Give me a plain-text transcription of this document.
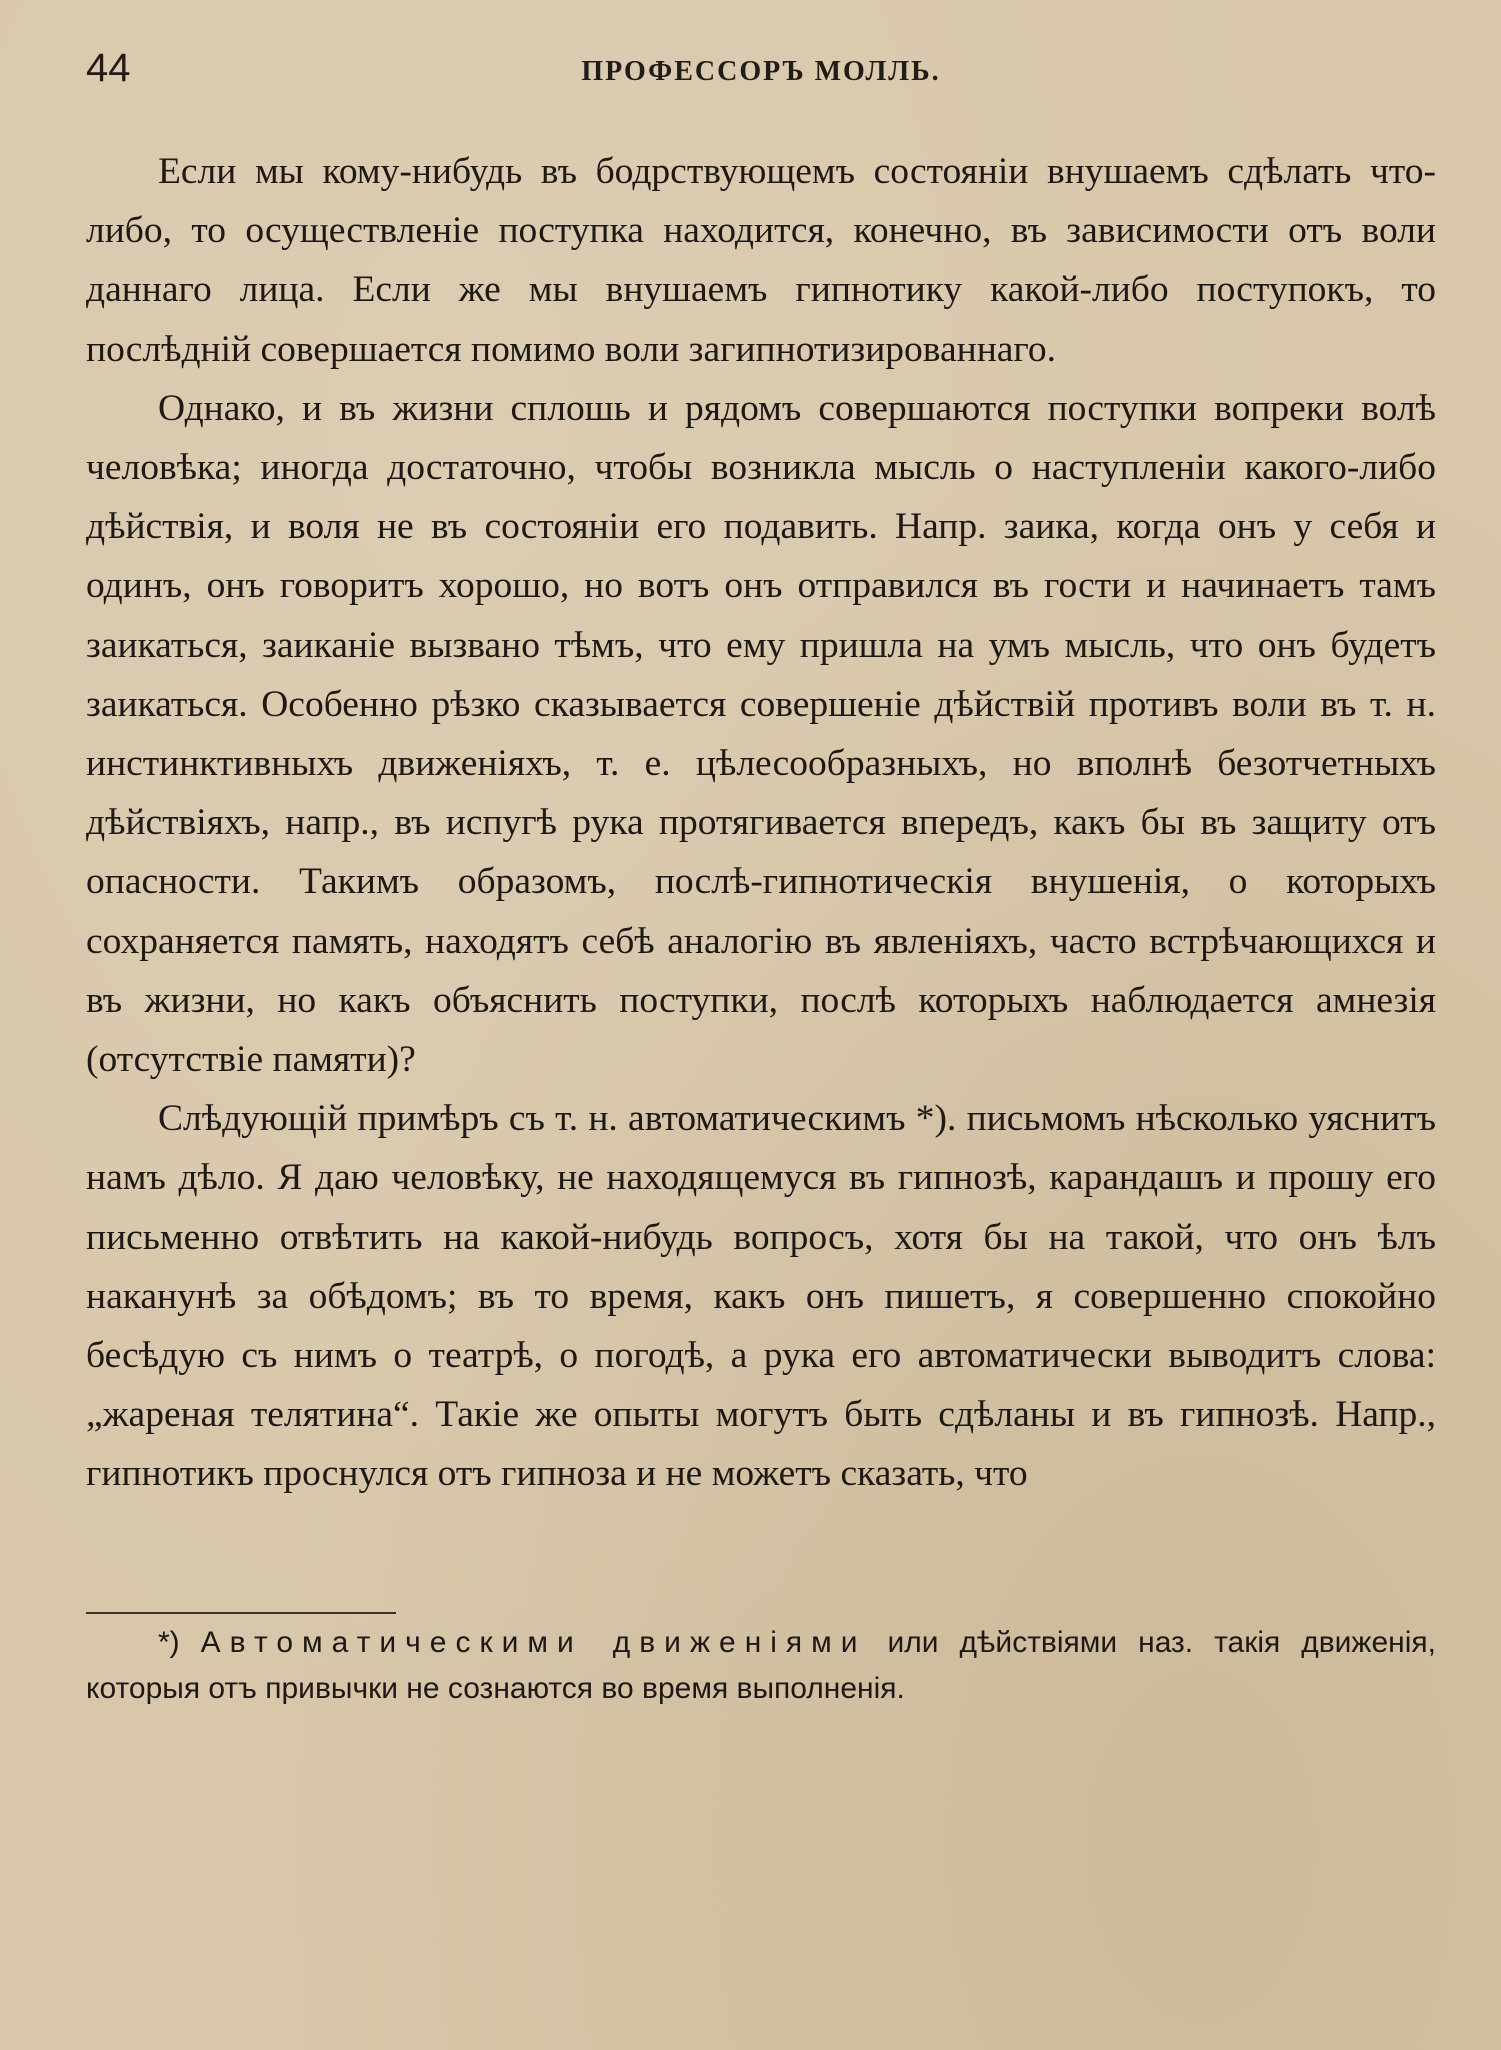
44	ПРОФЕССОРЪ МОЛЛЬ.

Если мы кому-нибудь въ бодрствующемъ состояніи внушаемъ сдѣлать что-либо, то осуществленіе поступка находится, конечно, въ зависимости отъ воли даннаго лица. Если же мы внушаемъ гипнотику какой-либо поступокъ, то послѣдній совершается помимо воли загипнотизированнаго.

Однако, и въ жизни сплошь и рядомъ совершаются поступки вопреки волѣ человѣка; иногда достаточно, чтобы возникла мысль о наступленіи какого-либо дѣйствія, и воля не въ состояніи его подавить. Напр. заика, когда онъ у себя и одинъ, онъ говоритъ хорошо, но вотъ онъ отправился въ гости и начинаетъ тамъ заикаться, заиканіе вызвано тѣмъ, что ему пришла на умъ мысль, что онъ будетъ заикаться. Особенно рѣзко сказывается совершеніе дѣйствій противъ воли въ т. н. инстинктивныхъ движеніяхъ, т. е. цѣлесообразныхъ, но вполнѣ безотчетныхъ дѣйствіяхъ, напр., въ испугѣ рука протягивается впередъ, какъ бы въ защиту отъ опасности. Такимъ образомъ, послѣ-гипнотическія внушенія, о которыхъ сохраняется память, находятъ себѣ аналогію въ явленіяхъ, часто встрѣчающихся и въ жизни, но какъ объяснить поступки, послѣ которыхъ наблюдается амнезія (отсутствіе памяти)?

Слѣдующій примѣръ съ т. н. автоматическимъ *). письмомъ нѣсколько уяснитъ намъ дѣло. Я даю человѣку, не находящемуся въ гипнозѣ, карандашъ и прошу его письменно отвѣтить на какой-нибудь вопросъ, хотя бы на такой, что онъ ѣлъ наканунѣ за обѣдомъ; въ то время, какъ онъ пишетъ, я совершенно спокойно бесѣдую съ нимъ о театрѣ, о погодѣ, а рука его автоматически выводитъ слова: „жареная телятина“. Такіе же опыты могутъ быть сдѣланы и въ гипнозѣ. Напр., гипнотикъ проснулся отъ гипноза и не можетъ сказать, что

*) Автоматическими движеніями или дѣйствіями наз. такія движенія, которыя отъ привычки не сознаются во время выполненія.
